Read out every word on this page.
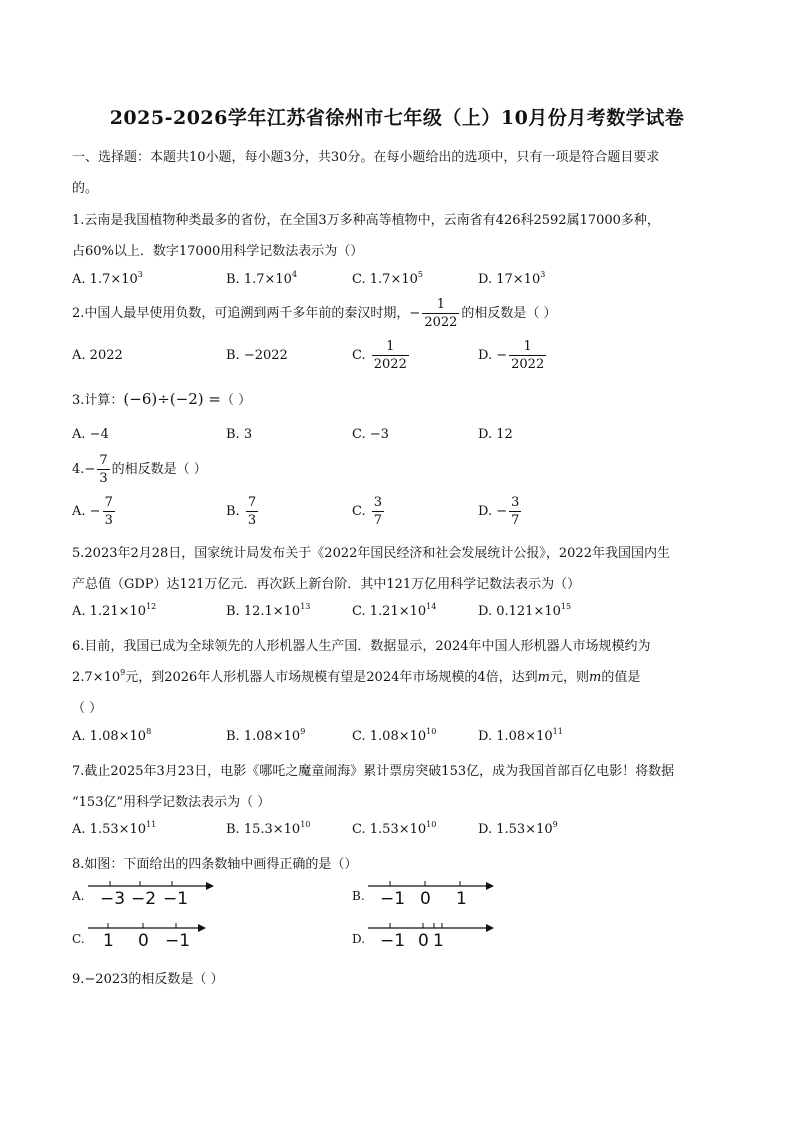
2025-2026学年江苏省徐州市七年级（上）10月份月考数学试卷
一、选择题：本题共10小题，每小题3分，共30分。在每小题给出的选项中，只有一项是符合题目要求
的。
1.云南是我国植物种类最多的省份，在全国3万多种高等植物中，云南省有426科2592属17000多种，
占60%以上．数字17000用科学记数法表示为（）
A. $1.7\times 10^3$	B. $1.7\times 10^4$	C. $1.7\times 10^5$	D. $17\times 10^3$
2.中国人最早使用负数，可追溯到两千多年前的秦汉时期，− $\frac{1}{2022}$ 的相反数是（ ）
A. 2022	B. −2022	C. $\frac{1}{2022}$	D. − $\frac{1}{2022}$
3.计算：(−6)÷(−2) =（ ）
A. −4	B. 3	C. −3	D. 12
$4.- \frac{7}{3}$ 的相反数是（ ）
A. − $\frac{7}{3}$	B. $\frac{7}{3}$	C. $\frac{3}{7}$	D. − $\frac{3}{7}$
5.2023年2月28日，国家统计局发布关于《2022年国民经济和社会发展统计公报》，2022年我国国内生
产总值（GDP）达121万亿元．再次跃上新台阶．其中121万亿用科学记数法表示为（）
A. $1.21\times 10^{12}$	B. $12.1\times 10^{13}$	C. $1.21\times 10^{14}$	D. $0.121\times 10^{15}$
6.目前，我国已成为全球领先的人形机器人生产国．数据显示，2024年中国人形机器人市场规模约为
$2.7\times 10^9$元，到2026年人形机器人市场规模有望是2024年市场规模的4倍，达到m元，则m的值是
（ ）
A. $1.08\times 10^8$	B. $1.08\times 10^9$	C. $1.08\times 10^{10}$	D. $1.08\times 10^{11}$
7.截止2025年3月23日，电影《哪吒之魔童闹海》累计票房突破153亿，成为我国首部百亿电影！将数据
“153亿”用科学记数法表示为（ ）
A. $1.53\times 10^{11}$	B. $15.3\times 10^{10}$	C. $1.53\times 10^{10}$	D. $1.53\times 10^9$
8.如图：下面给出的四条数轴中画得正确的是（）
A. −3 −2 −1	B. −1 0 1
C. 1 0 −1	D. −1 0 1
9.−2023的相反数是（ ）
